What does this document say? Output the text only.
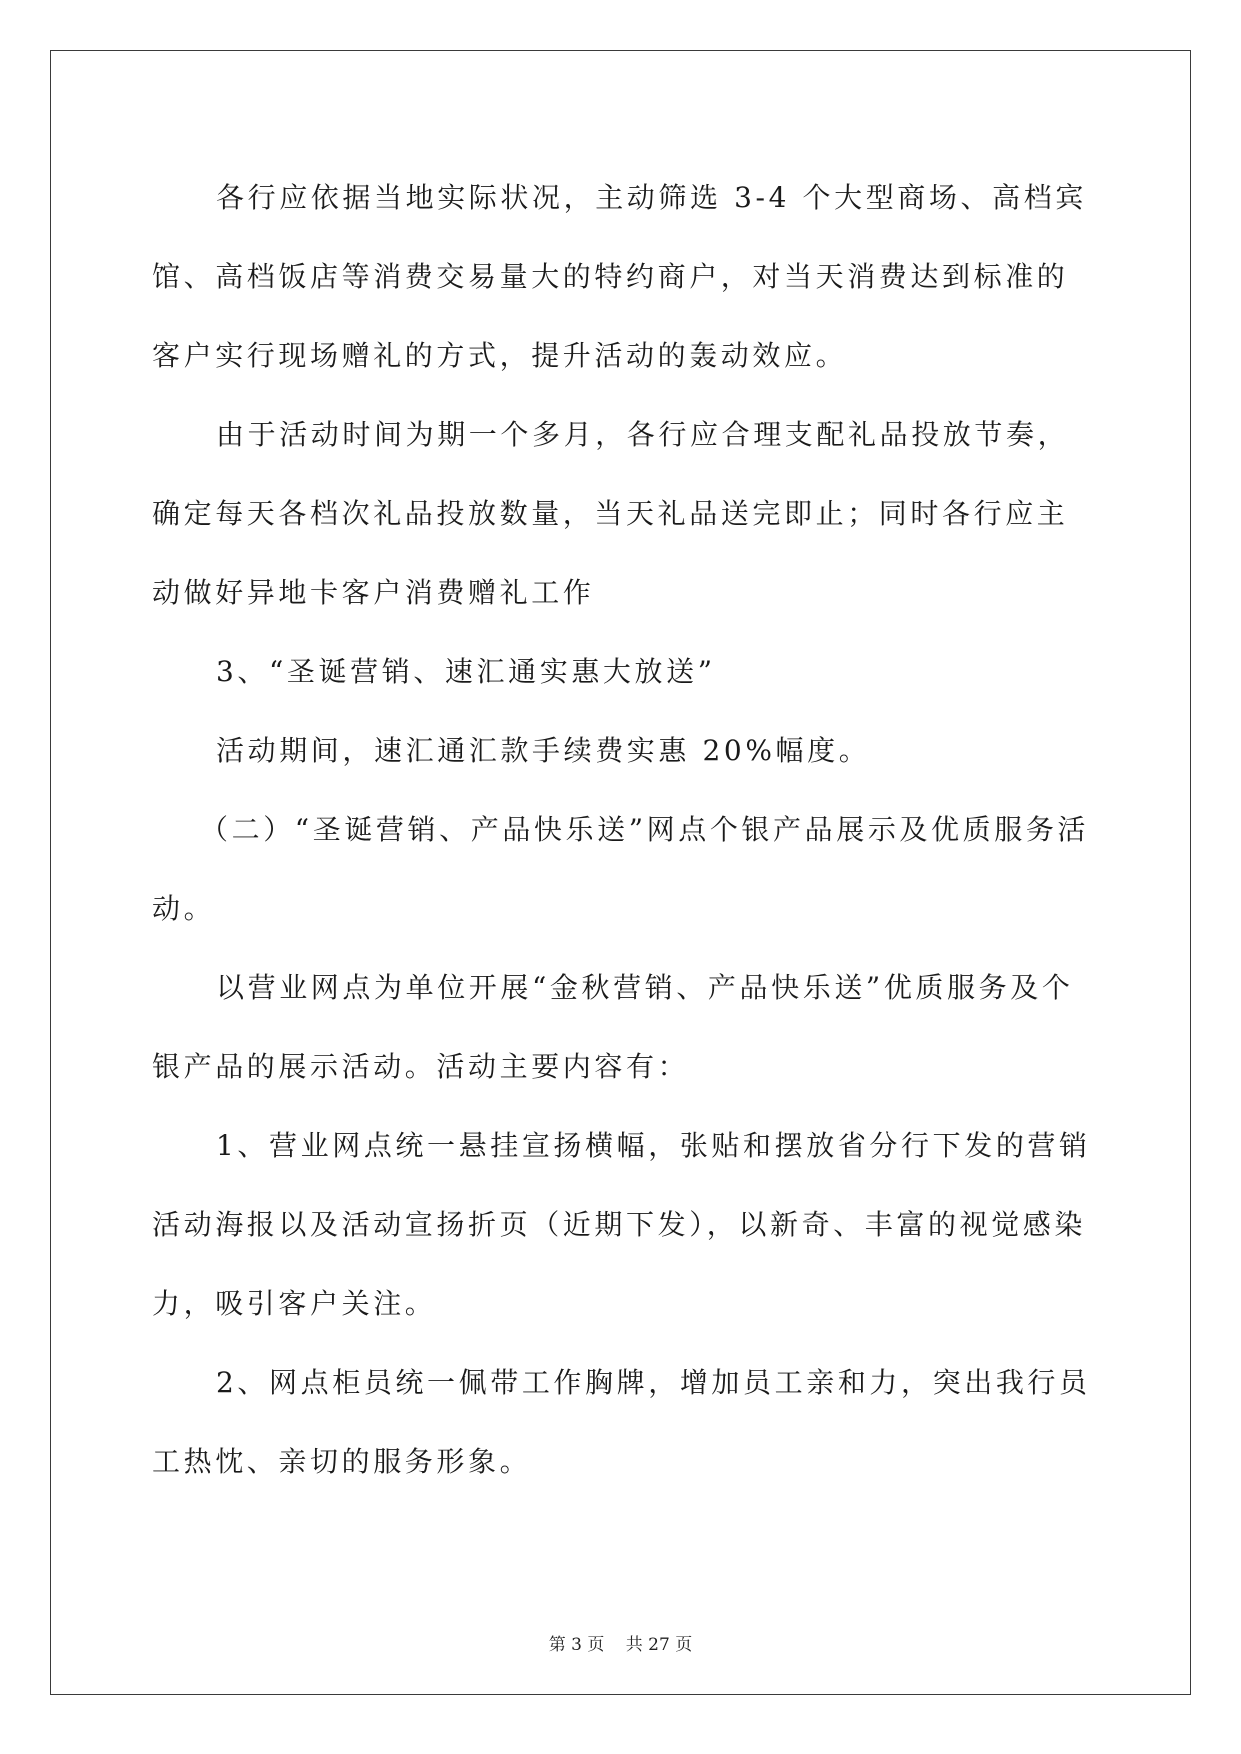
各行应依据当地实际状况，主动筛选 3-4 个大型商场、高档宾馆、高档饭店等消费交易量大的特约商户，对当天消费达到标准的客户实行现场赠礼的方式，提升活动的轰动效应。

由于活动时间为期一个多月，各行应合理支配礼品投放节奏，确定每天各档次礼品投放数量，当天礼品送完即止；同时各行应主动做好异地卡客户消费赠礼工作

3、“圣诞营销、速汇通实惠大放送”

活动期间，速汇通汇款手续费实惠 20%幅度。

（二）“圣诞营销、产品快乐送”网点个银产品展示及优质服务活动。

以营业网点为单位开展“金秋营销、产品快乐送”优质服务及个银产品的展示活动。活动主要内容有：

1、营业网点统一悬挂宣扬横幅，张贴和摆放省分行下发的营销活动海报以及活动宣扬折页（近期下发），以新奇、丰富的视觉感染力，吸引客户关注。

2、网点柜员统一佩带工作胸牌，增加员工亲和力，突出我行员工热忱、亲切的服务形象。

第 3 页 共 27 页
